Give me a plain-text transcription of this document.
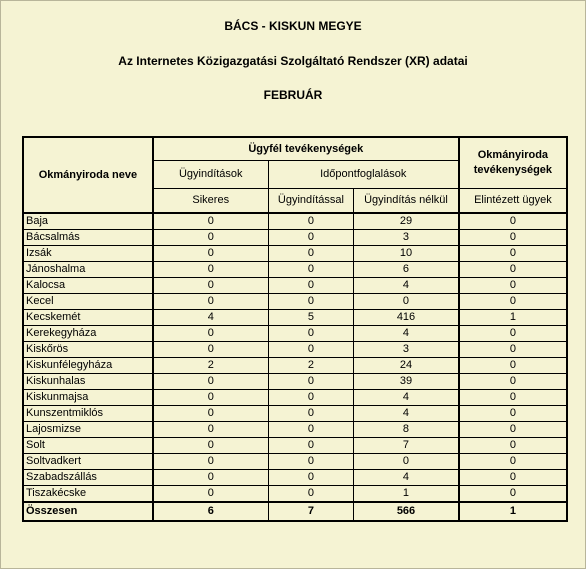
BÁCS - KISKUN MEGYE

Az Internetes Közigazgatási Szolgáltató Rendszer (XR) adatai

FEBRUÁR

Okmányiroda neve	Ügyfél tevékenységek			Okmányiroda tevékenységek
	Ügyindítások	Időpontfoglalások		
	Sikeres	Ügyindítással	Ügyindítás nélkül	Elintézett ügyek
Baja	0	0	29	0
Bácsalmás	0	0	3	0
Izsák	0	0	10	0
Jánoshalma	0	0	6	0
Kalocsa	0	0	4	0
Kecel	0	0	0	0
Kecskemét	4	5	416	1
Kerekegyháza	0	0	4	0
Kiskőrös	0	0	3	0
Kiskunfélegyháza	2	2	24	0
Kiskunhalas	0	0	39	0
Kiskunmajsa	0	0	4	0
Kunszentmiklós	0	0	4	0
Lajosmizse	0	0	8	0
Solt	0	0	7	0
Soltvadkert	0	0	0	0
Szabadszállás	0	0	4	0
Tiszakécske	0	0	1	0
Összesen	6	7	566	1
